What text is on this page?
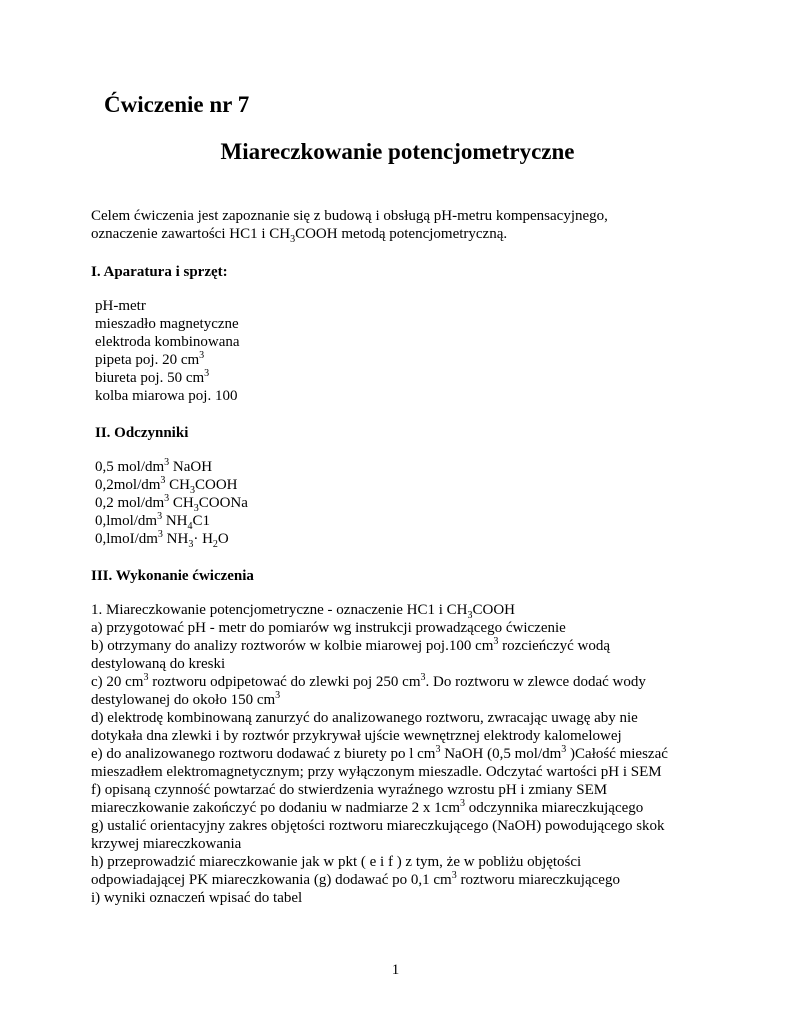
Ćwiczenie nr 7
Miareczkowanie potencjometryczne
Celem ćwiczenia jest zapoznanie się z budową i obsługą pH-metru kompensacyjnego,
oznaczenie zawartości HC1 i $CH_3COOH$ metodą potencjometryczną.
I. Aparatura i sprzęt:
pH-metr
mieszadło magnetyczne
elektroda kombinowana
pipeta poj. 20 $cm^3$
biureta poj. 50 $cm^3$
kolba miarowa poj. 100
II. Odczynniki
0,5 mol/$dm^3$ NaOH
$0,2mol/dm^3$ $CH_3COOH$
0,2 mol/$dm^3$ $CH_3COONa$
$0,lmol/dm^3$ $NH_4C1$
$0,lmoI/dm^3$ $NH_3\cdot H_2O$
III. Wykonanie ćwiczenia
1. Miareczkowanie potencjometryczne - oznaczenie HC1 i $CH_3COOH$
a) przygotować pH - metr do pomiarów wg instrukcji prowadzącego ćwiczenie
b) otrzymany do analizy roztworów w kolbie miarowej poj.100 $cm^3$ rozcieńczyć wodą
destylowaną do kreski
c) 20 $cm^3$ roztworu odpipetować do zlewki poj 250 $cm^3$. Do roztworu w zlewce dodać wody
destylowanej do około 150 $cm^3$
d) elektrodę kombinowaną zanurzyć do analizowanego roztworu, zwracając uwagę aby nie
dotykała dna zlewki i by roztwór przykrywał ujście wewnętrznej elektrody kalomelowej
e) do analizowanego roztworu dodawać z biurety po l $cm^3$ NaOH (0,5 mol/$dm^3$ )Całość mieszać
mieszadłem elektromagnetycznym; przy wyłączonym mieszadle. Odczytać wartości pH i SEM
f) opisaną czynność powtarzać do stwierdzenia wyraźnego wzrostu pH i zmiany SEM
miareczkowanie zakończyć po dodaniu w nadmiarze 2 x $1cm^3$ odczynnika miareczkującego
g) ustalić orientacyjny zakres objętości roztworu miareczkującego (NaOH) powodującego skok
krzywej miareczkowania
h) przeprowadzić miareczkowanie jak w pkt ( e i f ) z tym, że w pobliżu objętości
odpowiadającej PK miareczkowania (g) dodawać po 0,1 $cm^3$ roztworu miareczkującego
i) wyniki oznaczeń wpisać do tabel
1
